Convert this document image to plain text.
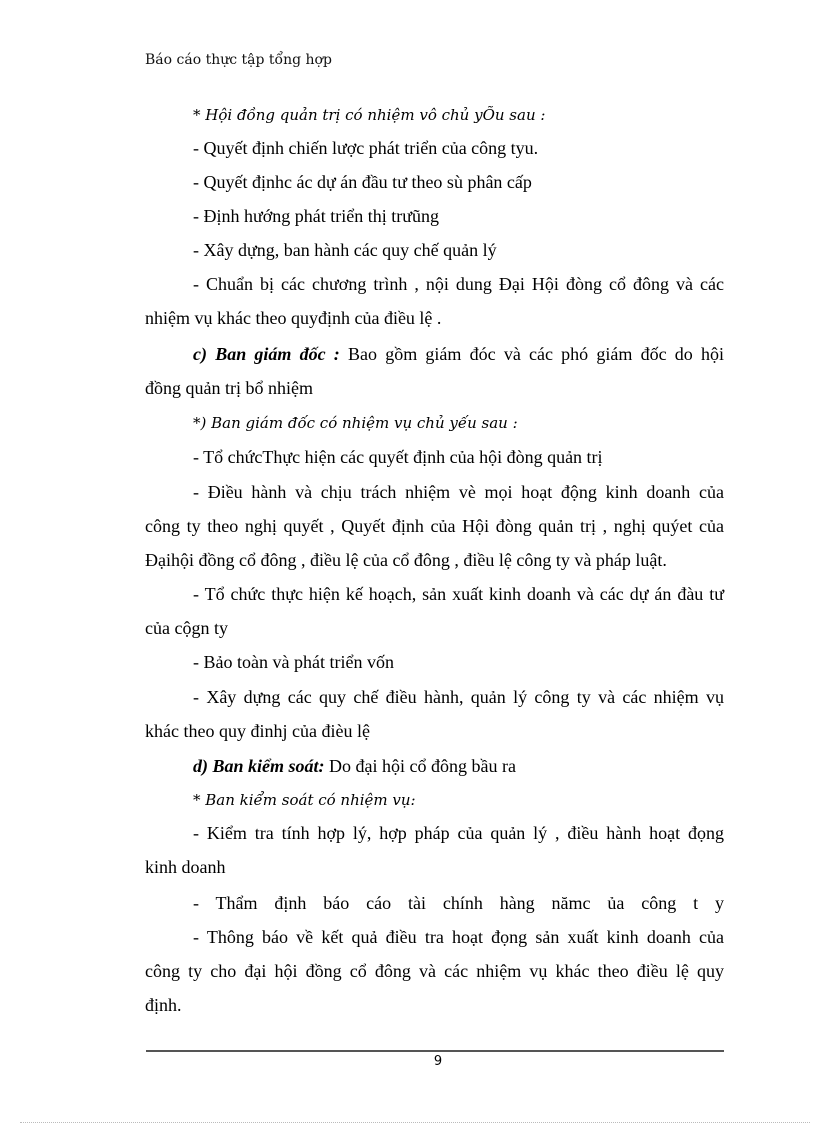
Báo cáo thực tập tổng hợp
* Hội đồng quản trị có nhiệm vô chủ yÕu sau :
- Quyết định chiến lược phát triển của công tyu.
- Quyết địnhc ác dự án đầu tư theo sù phân cấp
- Định hướng phát triển thị trưũng
- Xây dựng, ban hành các quy chế quản lý
- Chuẩn bị các chương trình , nội dung Đại Hội đòng cổ đông và các
nhiệm vụ khác theo quyđịnh của điều lệ .
c) Ban giám đốc : Bao gồm giám đóc và các phó giám đốc do hội
đồng quản trị bổ nhiệm
*) Ban giám đốc có nhiệm vụ chủ yếu sau :
- Tổ chứcThực hiện các quyết định của hội đòng quản trị
- Điều hành và chịu trách nhiệm vè mọi hoạt động kinh doanh của
công ty theo nghị quyết , Quyết định của Hội đòng quản trị , nghị quýet của
Đạihội đồng cổ đông , điều lệ của cổ đông , điều lệ công ty và pháp luật.
- Tổ chức thực hiện kế hoạch, sản xuất kinh doanh và các dự án đàu tư
của cộgn ty
- Bảo toàn và phát triển vốn
- Xây dựng các quy chế điều hành, quản lý công ty và các nhiệm vụ
khác theo quy đinhj của đièu lệ
d) Ban kiểm soát: Do đại hội cổ đông bầu ra
* Ban kiểm soát có nhiệm vụ:
- Kiểm tra tính hợp lý, hợp pháp của quản lý , điều hành hoạt đọng
kinh doanh
- Thẩm định báo cáo tài chính hàng nămc ủa công t y
- Thông báo về kết quả điều tra hoạt đọng sản xuất kinh doanh của
công ty cho đại hội đồng cổ đông và các nhiệm vụ khác theo điều lệ quy
định.
9
